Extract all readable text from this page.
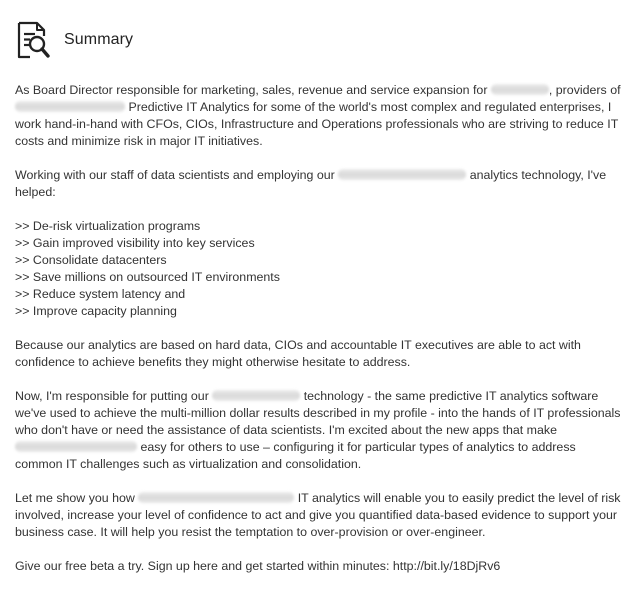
Summary

As Board Director responsible for marketing, sales, revenue and service expansion for	, providers of  Predictive IT Analytics for some of the world's most complex and regulated enterprises, I work hand-in-hand with CFOs, CIOs, Infrastructure and Operations professionals who are striving to reduce IT costs and minimize risk in major IT initiatives.

Working with our staff of data scientists and employing our	analytics technology, I've helped:

>> De-risk virtualization programs
>> Gain improved visibility into key services
>> Consolidate datacenters
>> Save millions on outsourced IT environments
>> Reduce system latency and
>> Improve capacity planning

Because our analytics are based on hard data, CIOs and accountable IT executives are able to act with confidence to achieve benefits they might otherwise hesitate to address.

Now, I'm responsible for putting our	technology - the same predictive IT analytics software we've used to achieve the multi-million dollar results described in my profile - into the hands of IT professionals who don't have or need the assistance of data scientists. I'm excited about the new apps that make  easy for others to use – configuring it for particular types of analytics to address common IT challenges such as virtualization and consolidation.

Let me show you how	IT analytics will enable you to easily predict the level of risk involved, increase your level of confidence to act and give you quantified data-based evidence to support your business case. It will help you resist the temptation to over-provision or over-engineer.

Give our free beta a try. Sign up here and get started within minutes: http://bit.ly/18DjRv6
